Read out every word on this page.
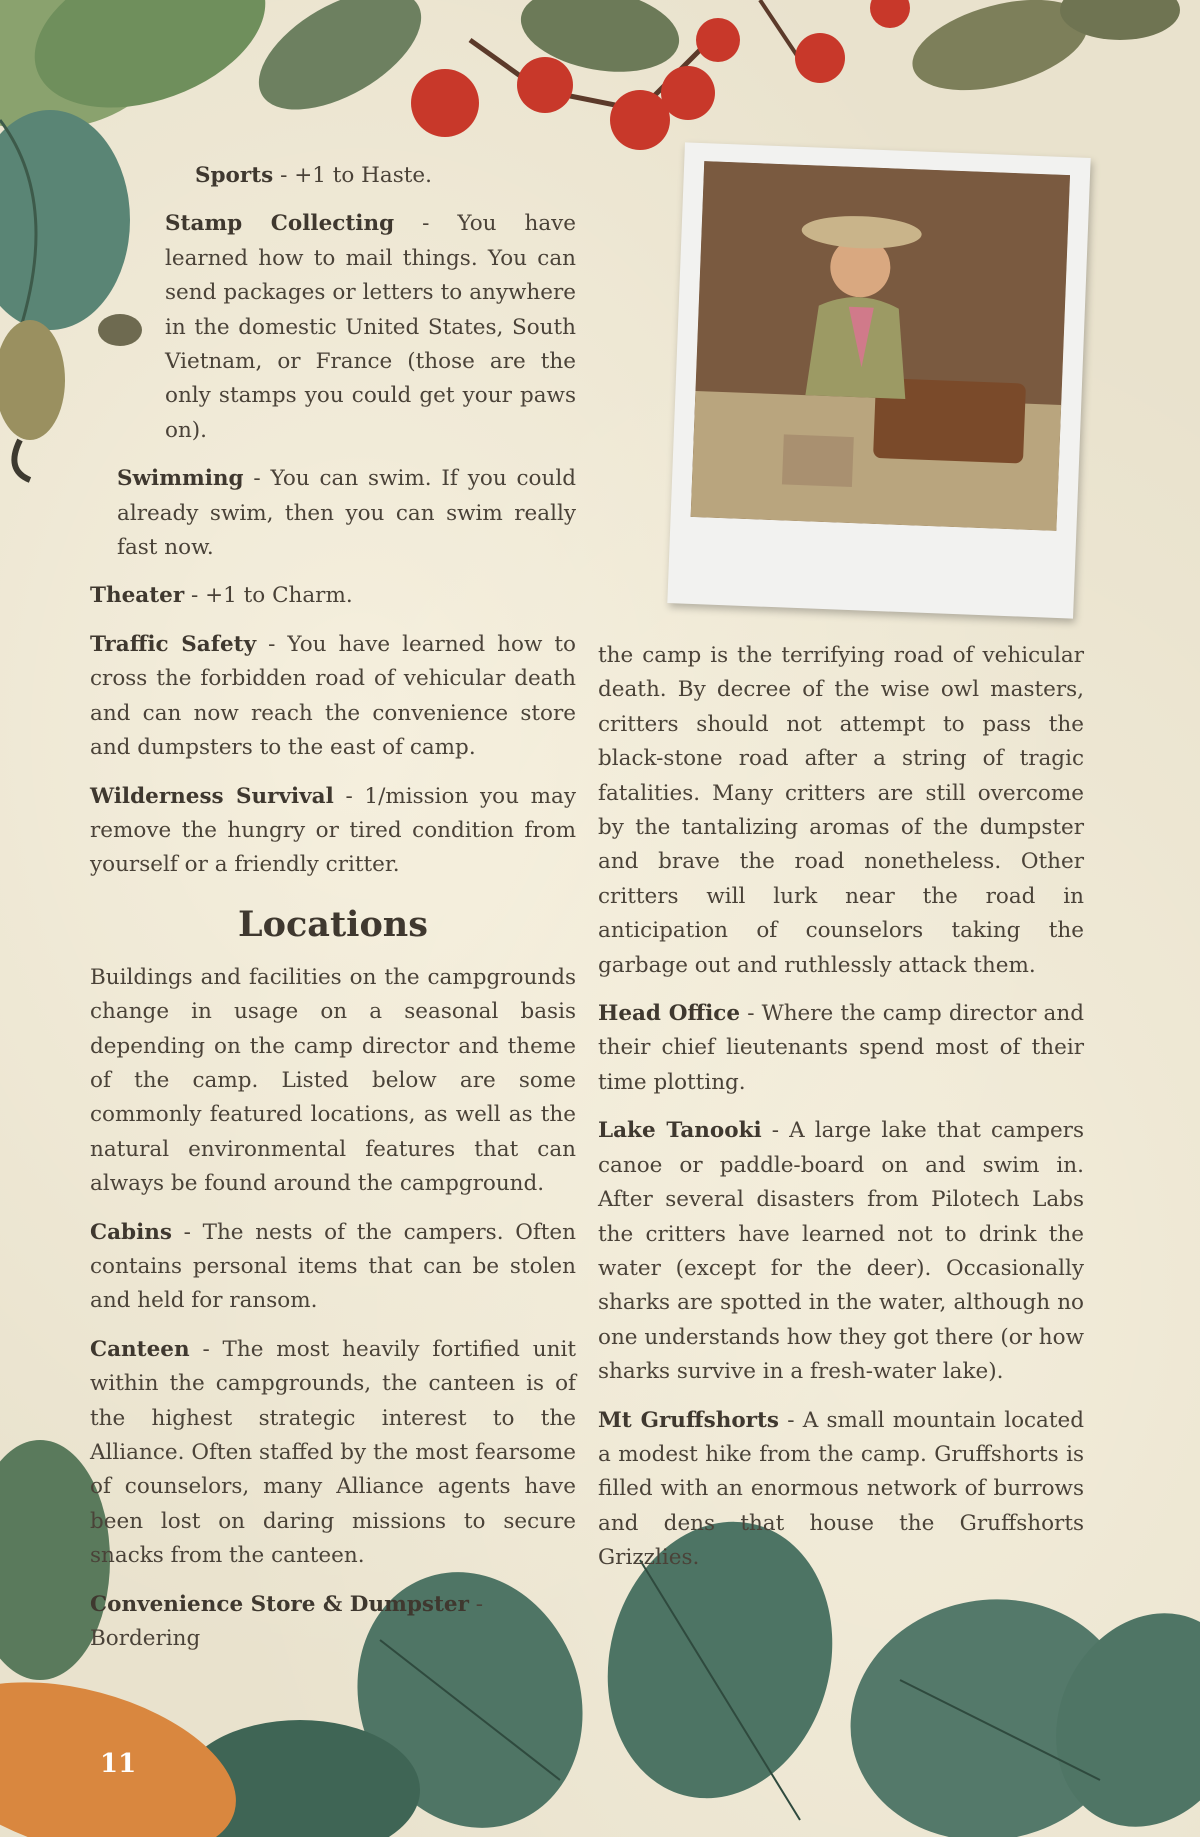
Sports - +1 to Haste.

Stamp Collecting - You have learned how to mail things. You can send packages or letters to anywhere in the domestic United States, South Vietnam, or France (those are the only stamps you could get your paws on).

Swimming - You can swim. If you could already swim, then you can swim really fast now.

Theater - +1 to Charm.

Traffic Safety - You have learned how to cross the forbidden road of vehicular death and can now reach the convenience store and dumpsters to the east of camp.

Wilderness Survival - 1/mission you may remove the hungry or tired condition from yourself or a friendly critter.

Locations

Buildings and facilities on the campgrounds change in usage on a seasonal basis depending on the camp director and theme of the camp. Listed below are some commonly featured locations, as well as the natural environmental features that can always be found around the campground.

Cabins - The nests of the campers. Often contains personal items that can be stolen and held for ransom.

Canteen - The most heavily fortified unit within the campgrounds, the canteen is of the highest strategic interest to the Alliance. Often staffed by the most fearsome of counselors, many Alliance agents have been lost on daring missions to secure snacks from the canteen.

Convenience Store & Dumpster - Bordering

the camp is the terrifying road of vehicular death. By decree of the wise owl masters, critters should not attempt to pass the black-stone road after a string of tragic fatalities. Many critters are still overcome by the tantalizing aromas of the dumpster and brave the road nonetheless. Other critters will lurk near the road in anticipation of counselors taking the garbage out and ruthlessly attack them.

Head Office - Where the camp director and their chief lieutenants spend most of their time plotting.

Lake Tanooki - A large lake that campers canoe or paddle-board on and swim in. After several disasters from Pilotech Labs the critters have learned not to drink the water (except for the deer). Occasionally sharks are spotted in the water, although no one understands how they got there (or how sharks survive in a fresh-water lake).

Mt Gruffshorts - A small mountain located a modest hike from the camp. Gruffshorts is filled with an enormous network of burrows and dens that house the Gruffshorts Grizzlies.

11
